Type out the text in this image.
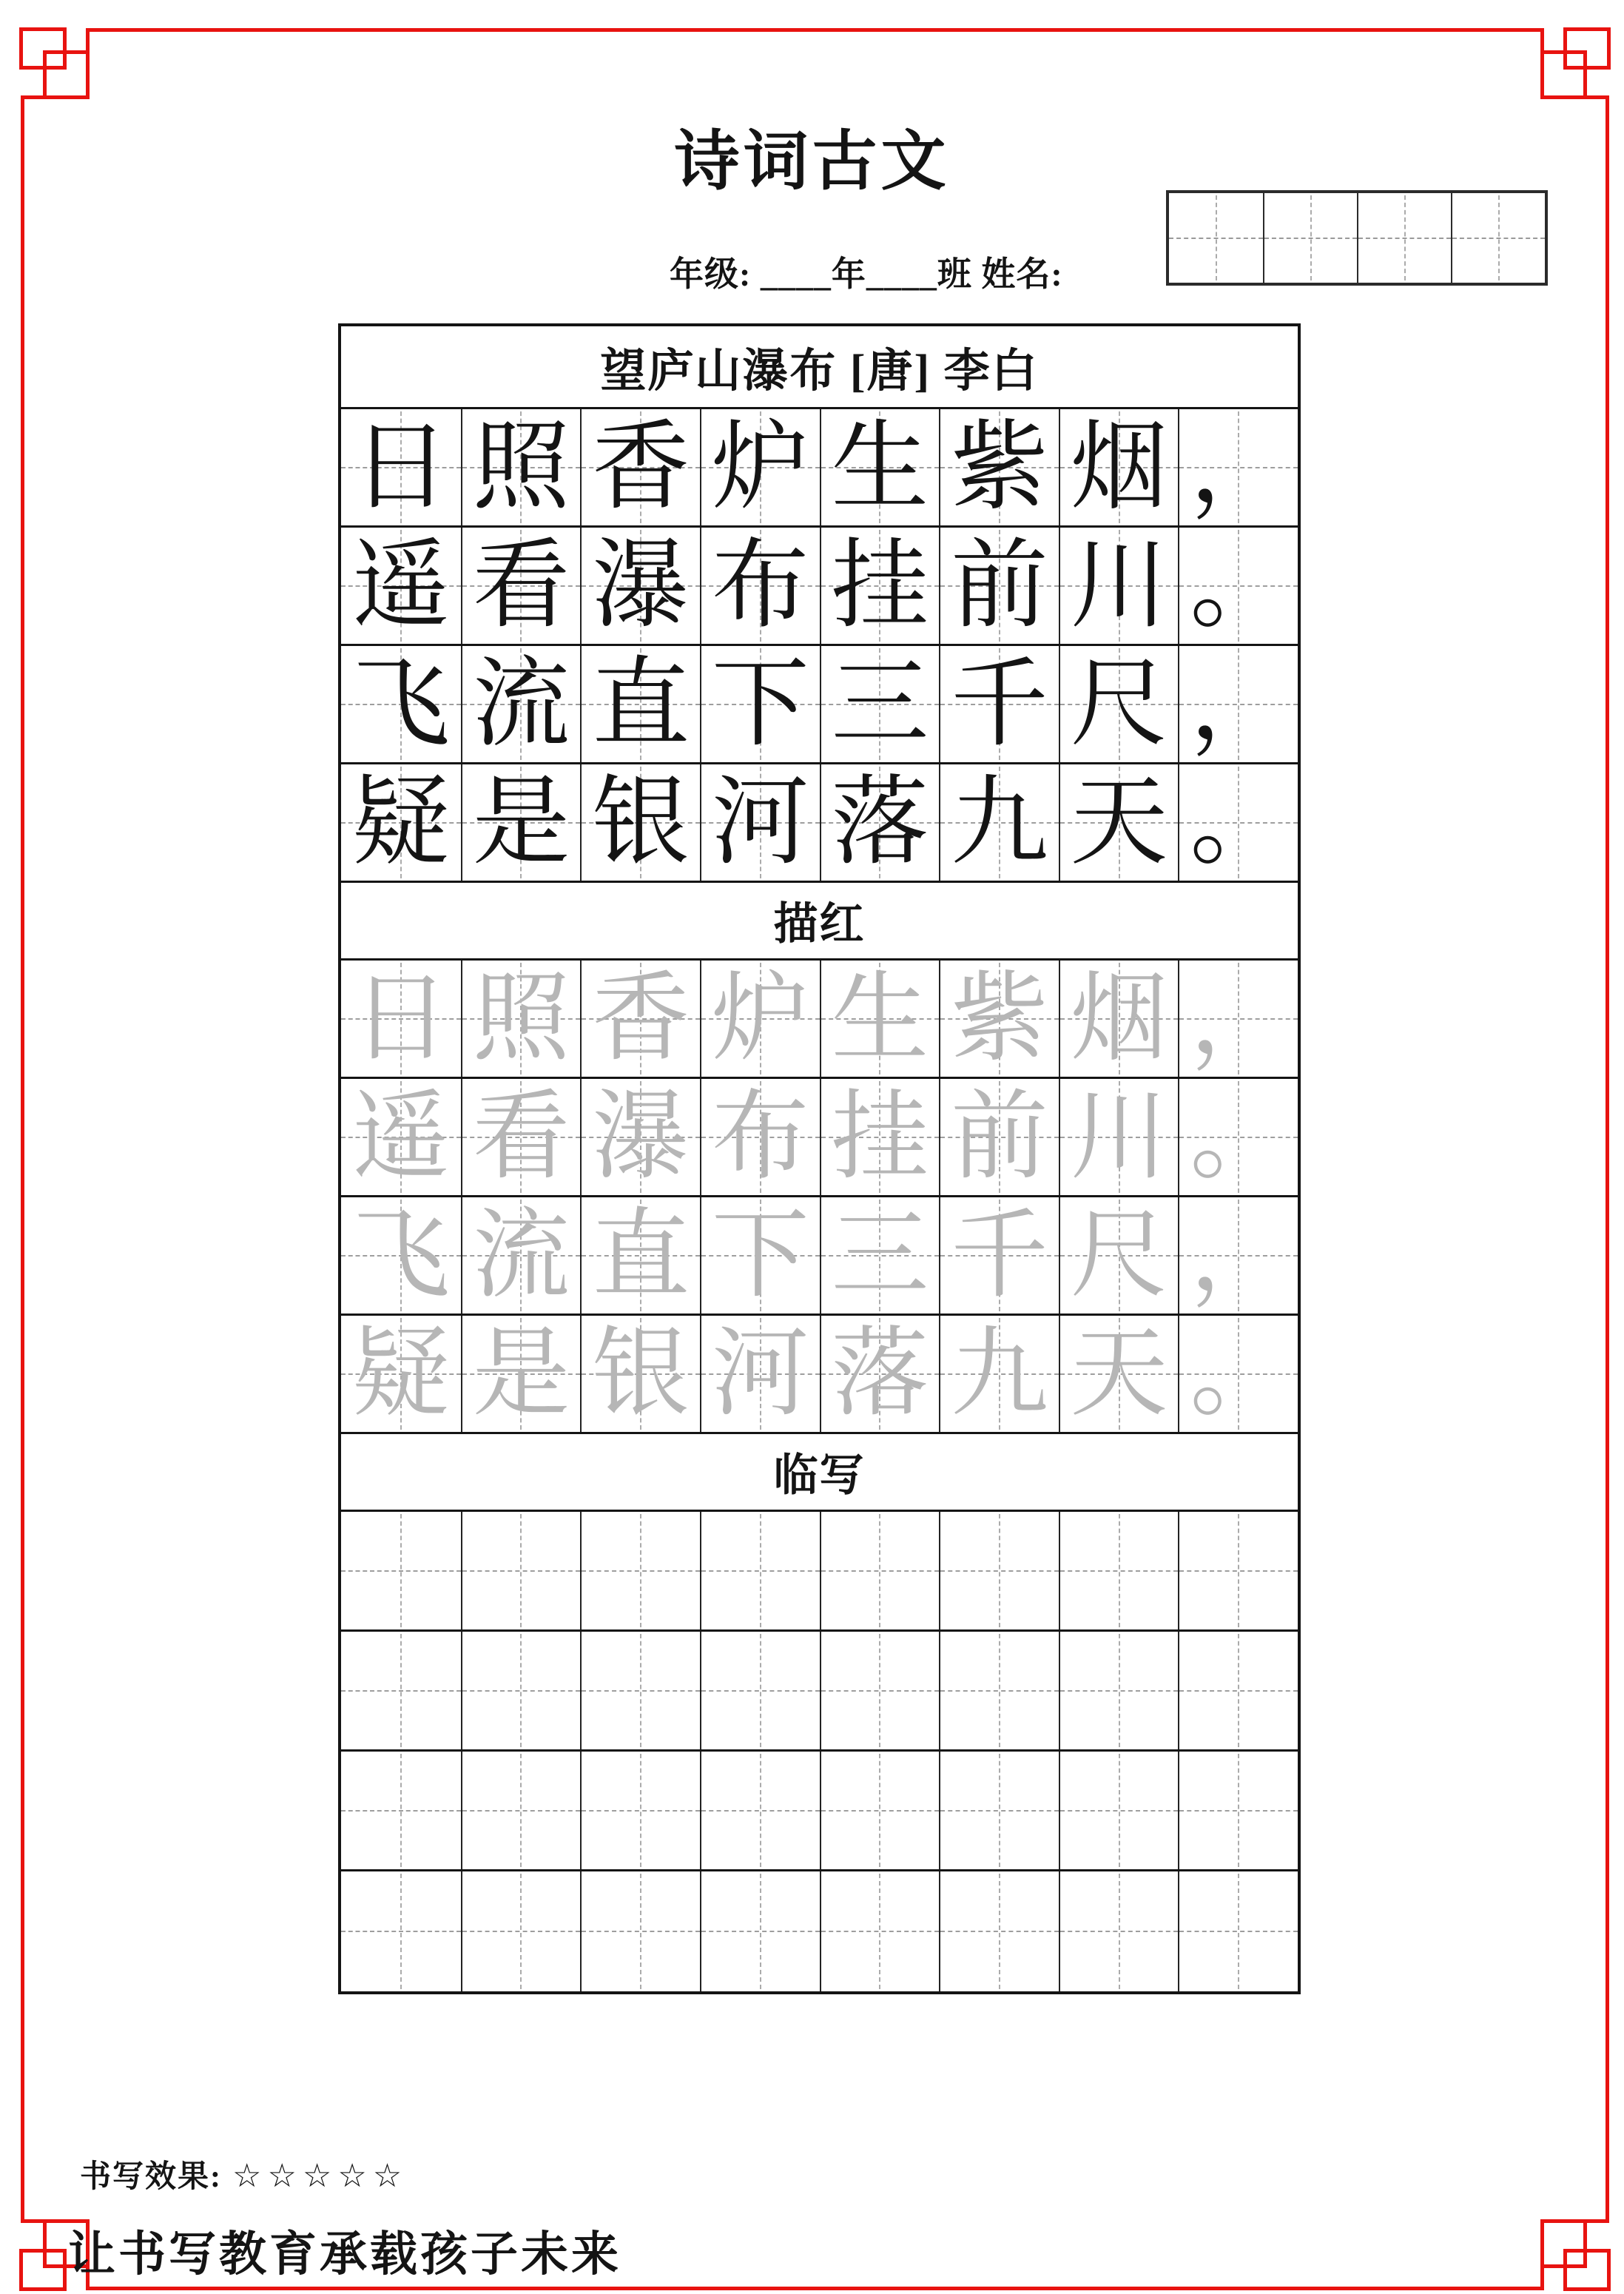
诗词古文
年级: ____年____班 姓名:
望庐山瀑布 [唐] 李白
日 照 香 炉 生 紫 烟 ，
遥 看 瀑 布 挂 前 川 。
飞 流 直 下 三 千 尺 ，
疑 是 银 河 落 九 天 。
描红
日 照 香 炉 生 紫 烟 ，
遥 看 瀑 布 挂 前 川 。
飞 流 直 下 三 千 尺 ，
疑 是 银 河 落 九 天 。
临写
书写效果: ☆☆☆☆☆
让书写教育承载孩子未来
